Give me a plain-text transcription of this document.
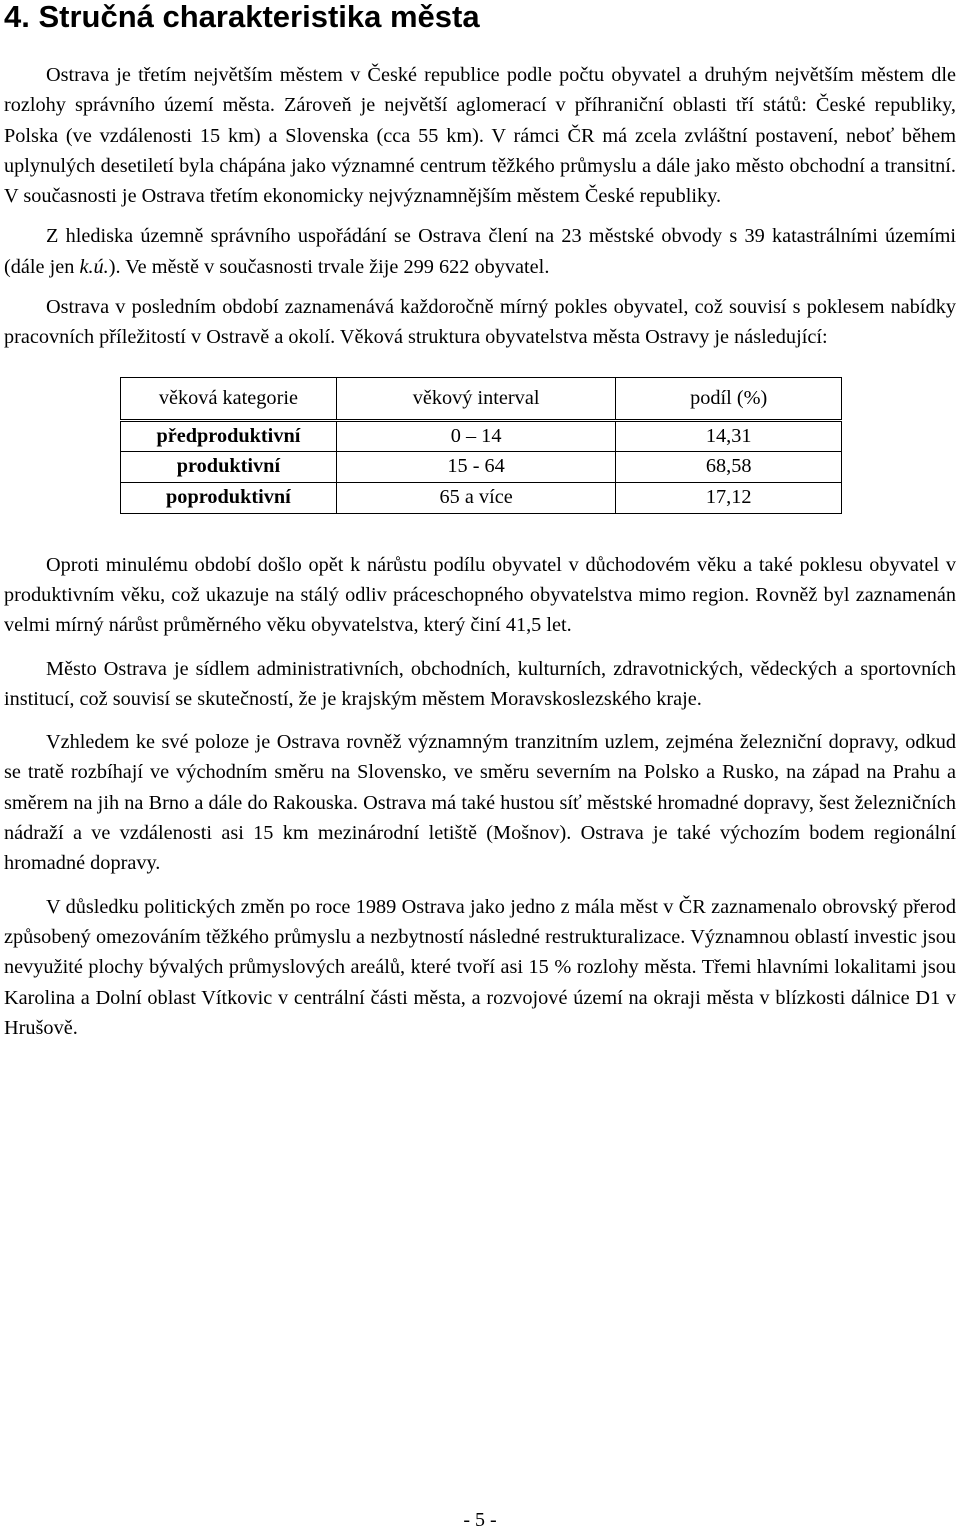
4. Stručná charakteristika města

Ostrava je třetím největším městem v České republice podle počtu obyvatel a druhým největším městem dle rozlohy správního území města. Zároveň je největší aglomerací v příhraniční oblasti tří států: České republiky, Polska (ve vzdálenosti 15 km) a Slovenska (cca 55 km). V rámci ČR má zcela zvláštní postavení, neboť během uplynulých desetiletí byla chápána jako významné centrum těžkého průmyslu a dále jako město obchodní a transitní. V současnosti je Ostrava třetím ekonomicky nejvýznamnějším městem České republiky.

Z hlediska územně správního uspořádání se Ostrava člení na 23 městské obvody s 39 katastrálními územími (dále jen k.ú.). Ve městě v současnosti trvale žije 299 622 obyvatel.

Ostrava v posledním období zaznamenává každoročně mírný pokles obyvatel, což souvisí s poklesem nabídky pracovních příležitostí v Ostravě a okolí. Věková struktura obyvatelstva města Ostravy je následující:

věková kategorie	věkový interval	podíl (%)
předproduktivní	0 – 14	14,31
produktivní	15 - 64	68,58
poproduktivní	65 a více	17,12

Oproti minulému období došlo opět k nárůstu podílu obyvatel v důchodovém věku a také poklesu obyvatel v produktivním věku, což ukazuje na stálý odliv práceschopného obyvatelstva mimo region. Rovněž byl zaznamenán velmi mírný nárůst průměrného věku obyvatelstva, který činí 41,5 let.

Město Ostrava je sídlem administrativních, obchodních, kulturních, zdravotnických, vědeckých a sportovních institucí, což souvisí se skutečností, že je krajským městem Moravskoslezského kraje.

Vzhledem ke své poloze je Ostrava rovněž významným tranzitním uzlem, zejména železniční dopravy, odkud se tratě rozbíhají ve východním směru na Slovensko, ve směru severním na Polsko a Rusko, na západ na Prahu a směrem na jih na Brno a dále do Rakouska. Ostrava má také hustou síť městské hromadné dopravy, šest železničních nádraží a ve vzdálenosti asi 15 km mezinárodní letiště (Mošnov). Ostrava je také výchozím bodem regionální hromadné dopravy.

V důsledku politických změn po roce 1989 Ostrava jako jedno z mála měst v ČR zaznamenalo obrovský přerod způsobený omezováním těžkého průmyslu a nezbytností následné restrukturalizace. Významnou oblastí investic jsou nevyužité plochy bývalých průmyslových areálů, které tvoří asi 15 % rozlohy města. Třemi hlavními lokalitami jsou Karolina a Dolní oblast Vítkovic v centrální části města, a rozvojové území na okraji města v blízkosti dálnice D1 v Hrušově.

- 5 -
